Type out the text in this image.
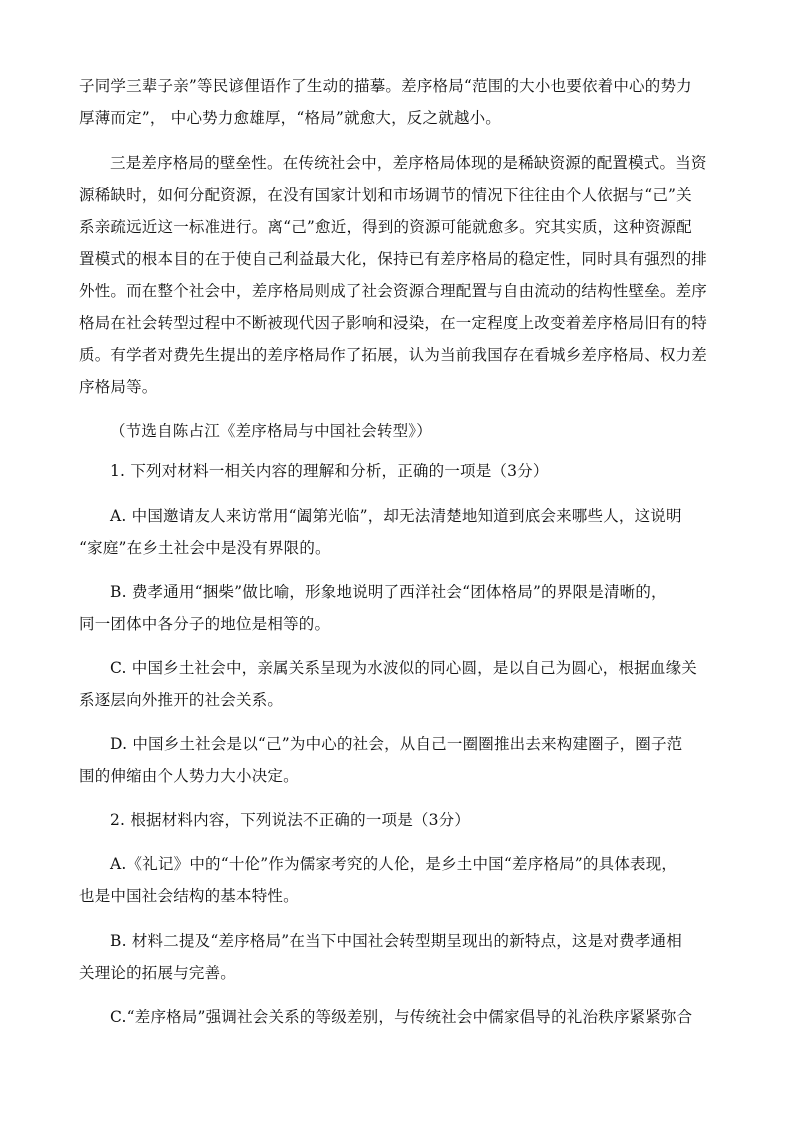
子同学三辈子亲”等民谚俚语作了生动的描摹。差序格局“范围的大小也要依着中心的势力
厚薄而定”， 中心势力愈雄厚，“格局”就愈大，反之就越小。
三是差序格局的壁垒性。在传统社会中，差序格局体现的是稀缺资源的配置模式。当资
源稀缺时，如何分配资源，在没有国家计划和市场调节的情况下往往由个人依据与“己”关
系亲疏远近这一标准进行。离“己”愈近，得到的资源可能就愈多。究其实质，这种资源配
置模式的根本目的在于使自己利益最大化，保持已有差序格局的稳定性，同时具有强烈的排
外性。而在整个社会中，差序格局则成了社会资源合理配置与自由流动的结构性壁垒。差序
格局在社会转型过程中不断被现代因子影响和浸染，在一定程度上改变着差序格局旧有的特
质。有学者对费先生提出的差序格局作了拓展，认为当前我国存在看城乡差序格局、权力差
序格局等。
（节选自陈占江《差序格局与中国社会转型》）
1. 下列对材料一相关内容的理解和分析，正确的一项是（3分）
A. 中国邀请友人来访常用“阖第光临”，却无法清楚地知道到底会来哪些人，这说明
“家庭”在乡土社会中是没有界限的。
B. 费孝通用“捆柴”做比喻，形象地说明了西洋社会“团体格局”的界限是清晰的，
同一团体中各分子的地位是相等的。
C. 中国乡土社会中，亲属关系呈现为水波似的同心圆，是以自己为圆心，根据血缘关
系逐层向外推开的社会关系。
D. 中国乡土社会是以“己”为中心的社会，从自己一圈圈推出去来构建圈子，圈子范
围的伸缩由个人势力大小决定。
2. 根据材料内容，下列说法不正确的一项是（3分）
A.《礼记》中的“十伦”作为儒家考究的人伦，是乡土中国“差序格局”的具体表现，
也是中国社会结构的基本特性。
B. 材料二提及“差序格局”在当下中国社会转型期呈现出的新特点，这是对费孝通相
关理论的拓展与完善。
C.“差序格局”强调社会关系的等级差别，与传统社会中儒家倡导的礼治秩序紧紧弥合
